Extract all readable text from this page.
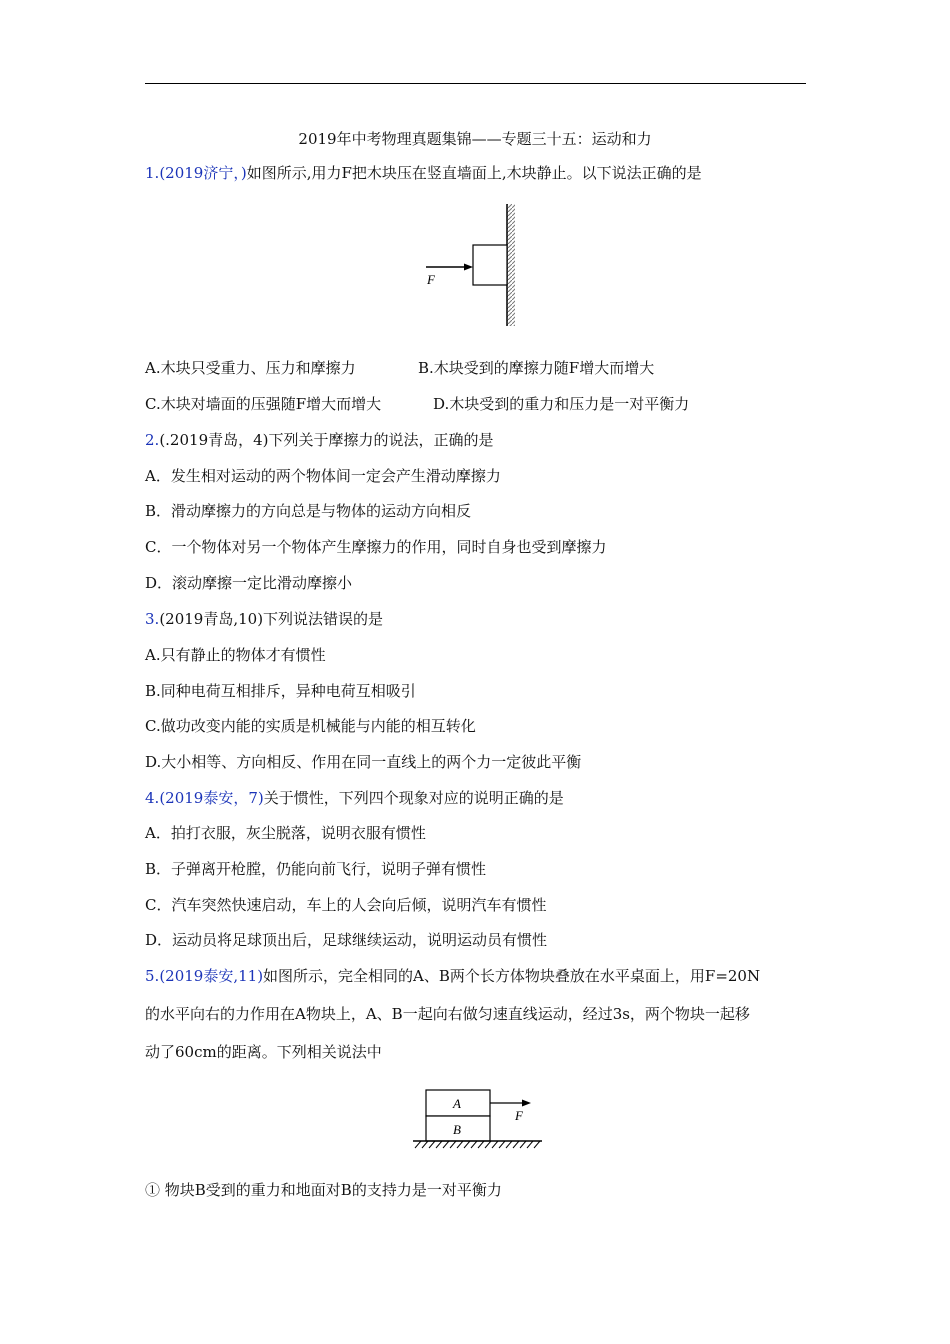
2019年中考物理真题集锦——专题三十五：运动和力
1.(2019济宁，)如图所示,用力F把木块压在竖直墙面上,木块静止。以下说法正确的是
F
A.木块只受重力、压力和摩擦力	B.木块受到的摩擦力随F增大而增大
C.木块对墙面的压强随F增大而增大	D.木块受到的重力和压力是一对平衡力
2.(.2019青岛，4)下列关于摩擦力的说法，正确的是
A．发生相对运动的两个物体间一定会产生滑动摩擦力
B．滑动摩擦力的方向总是与物体的运动方向相反
C．一个物体对另一个物体产生摩擦力的作用，同时自身也受到摩擦力
D．滚动摩擦一定比滑动摩擦小
3.(2019青岛,10)下列说法错误的是
A.只有静止的物体才有惯性
B.同种电荷互相排斥，异种电荷互相吸引
C.做功改变内能的实质是机械能与内能的相互转化
D.大小相等、方向相反、作用在同一直线上的两个力一定彼此平衡
4.(2019泰安，7)关于惯性，下列四个现象对应的说明正确的是
A．拍打衣服，灰尘脱落，说明衣服有惯性
B．子弹离开枪膛，仍能向前飞行，说明子弹有惯性
C．汽车突然快速启动，车上的人会向后倾，说明汽车有惯性
D．运动员将足球顶出后，足球继续运动，说明运动员有惯性
5.(2019泰安,11)如图所示，完全相同的A、B两个长方体物块叠放在水平桌面上，用F=20N
的水平向右的力作用在A物块上，A、B一起向右做匀速直线运动，经过3s，两个物块一起移
动了60cm的距离。下列相关说法中
A
B
F
① 物块B受到的重力和地面对B的支持力是一对平衡力
